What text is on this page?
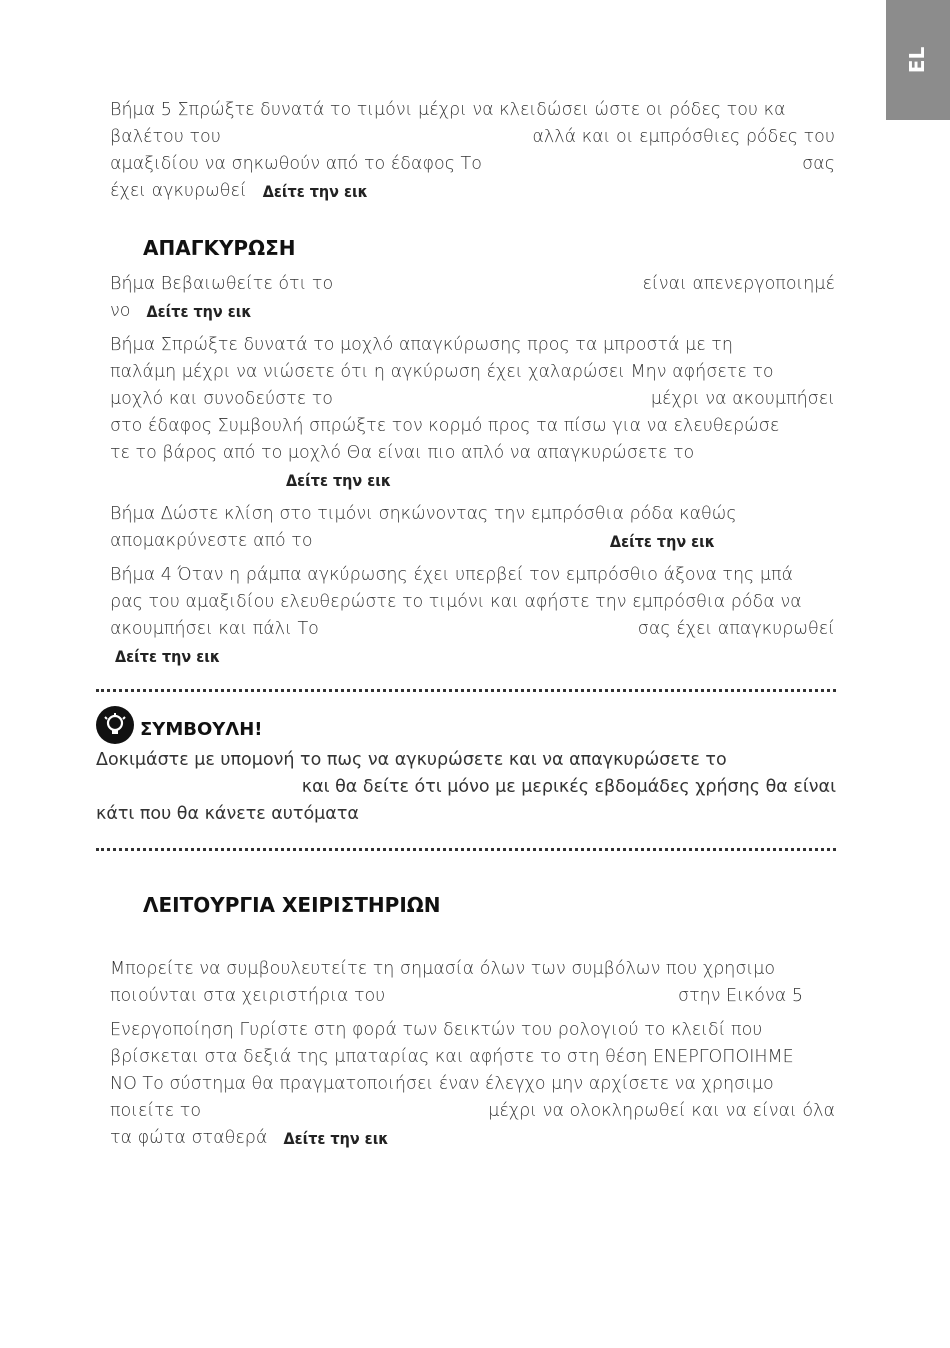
EL
Βήμα 5 Σπρώξτε δυνατά το τιμόνι μέχρι να κλειδώσει ώστε οι ρόδες του κα
βαλέτου του	αλλά και οι εμπρόσθιες ρόδες του
αμαξιδίου να σηκωθούν από το έδαφος Το	σας
έχει αγκυρωθεί Δείτε την εικ
ΑΠΑΓΚΥΡΩΣΗ
Βήμα Βεβαιωθείτε ότι το	είναι απενεργοποιημέ
νο Δείτε την εικ
Βήμα Σπρώξτε δυνατά το μοχλό απαγκύρωσης προς τα μπροστά με τη
παλάμη μέχρι να νιώσετε ότι η αγκύρωση έχει χαλαρώσει Μην αφήσετε το
μοχλό και συνοδεύστε το	μέχρι να ακουμπήσει
στο έδαφος Συμβουλή σπρώξτε τον κορμό προς τα πίσω για να ελευθερώσε
τε το βάρος από το μοχλό Θα είναι πιο απλό να απαγκυρώσετε το
Δείτε την εικ
Βήμα Δώστε κλίση στο τιμόνι σηκώνοντας την εμπρόσθια ρόδα καθώς
απομακρύνεστε από το	Δείτε την εικ
Βήμα 4 Όταν η ράμπα αγκύρωσης έχει υπερβεί τον εμπρόσθιο άξονα της μπά
ρας του αμαξιδίου ελευθερώστε το τιμόνι και αφήστε την εμπρόσθια ρόδα να
ακουμπήσει και πάλι Το	σας έχει απαγκυρωθεί
Δείτε την εικ
ΣΥΜΒΟΥΛΗ!
Δοκιμάστε με υπομονή το πως να αγκυρώσετε και να απαγκυρώσετε το
και θα δείτε ότι μόνο με μερικές εβδομάδες χρήσης θα είναι
κάτι που θα κάνετε αυτόματα
ΛΕΙΤΟΥΡΓΙΑ ΧΕΙΡΙΣΤΗΡΙΩΝ
Μπορείτε να συμβουλευτείτε τη σημασία όλων των συμβόλων που χρησιμο
ποιούνται στα χειριστήρια του	στην Εικόνα 5
Ενεργοποίηση Γυρίστε στη φορά των δεικτών του ρολογιού το κλειδί που
βρίσκεται στα δεξιά της μπαταρίας και αφήστε το στη θέση ΕΝΕΡΓΟΠΟΙΗΜΕ
ΝΟ Το σύστημα θα πραγματοποιήσει έναν έλεγχο μην αρχίσετε να χρησιμο
ποιείτε το	μέχρι να ολοκληρωθεί και να είναι όλα
τα φώτα σταθερά Δείτε την εικ
